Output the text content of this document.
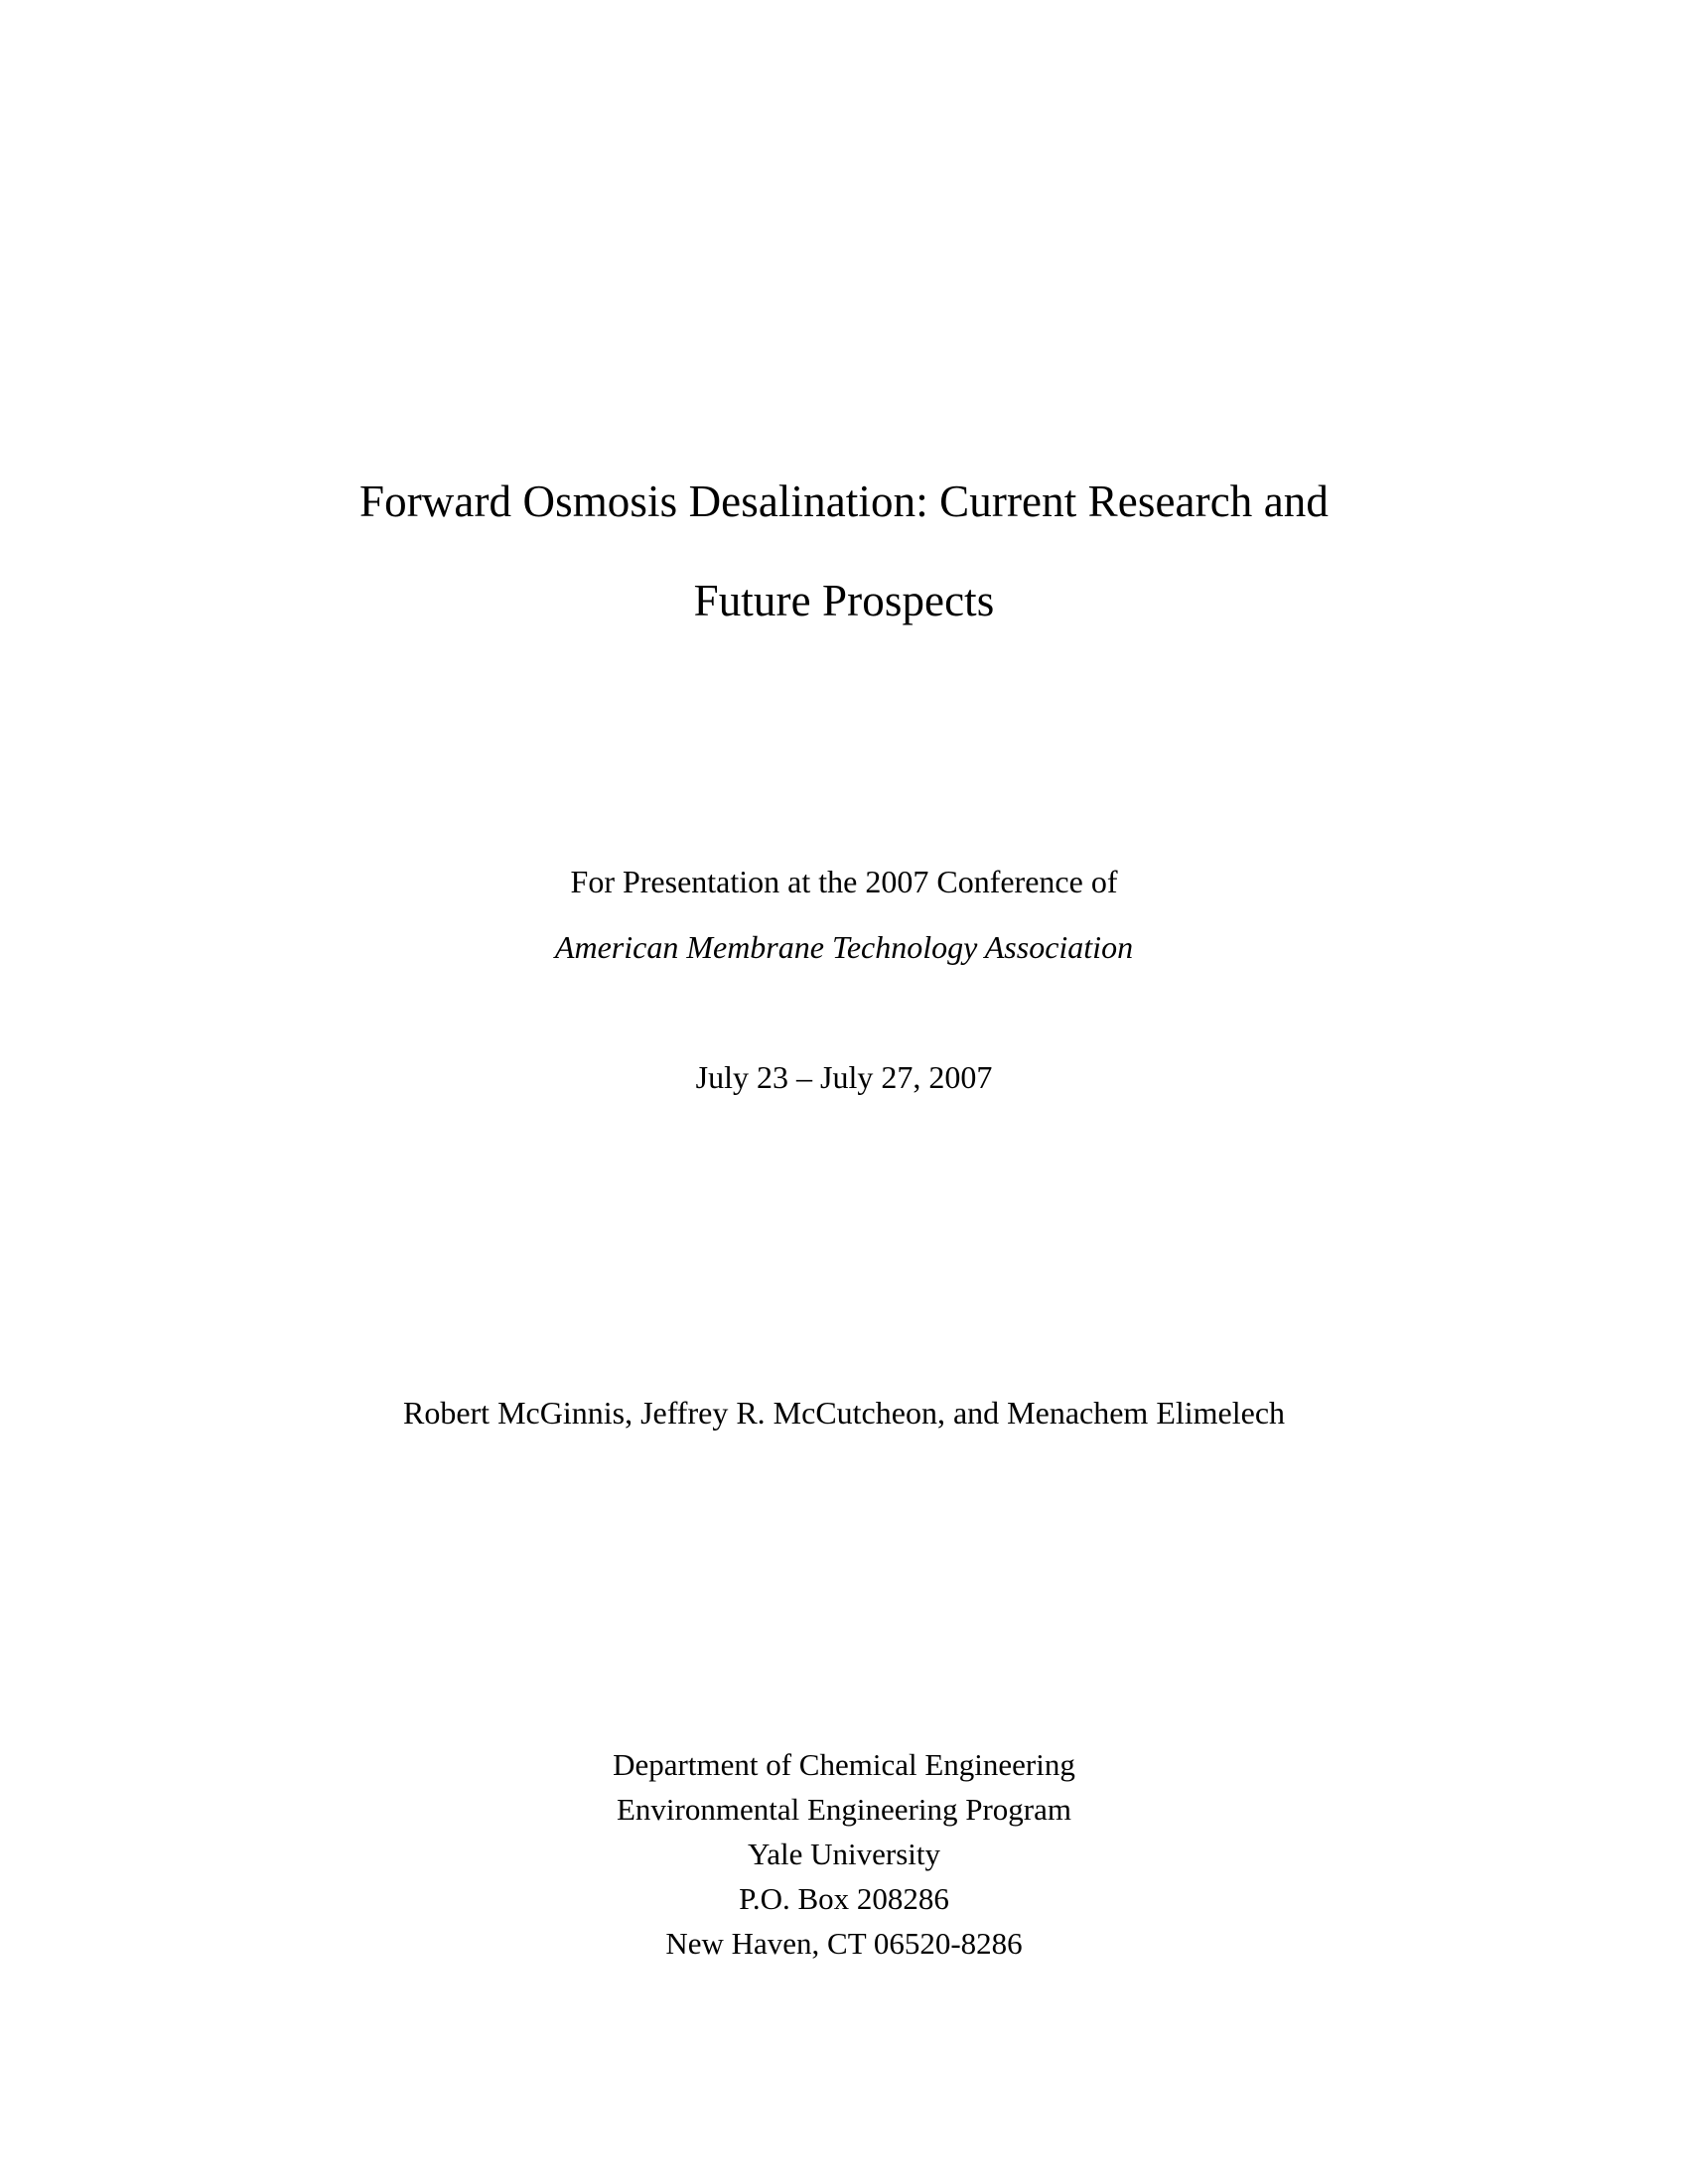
Forward Osmosis Desalination: Current Research and
Future Prospects
For Presentation at the 2007 Conference of
American Membrane Technology Association
July 23 – July 27, 2007
Robert McGinnis, Jeffrey R. McCutcheon, and Menachem Elimelech
Department of Chemical Engineering
Environmental Engineering Program
Yale University
P.O. Box 208286
New Haven, CT 06520-8286
